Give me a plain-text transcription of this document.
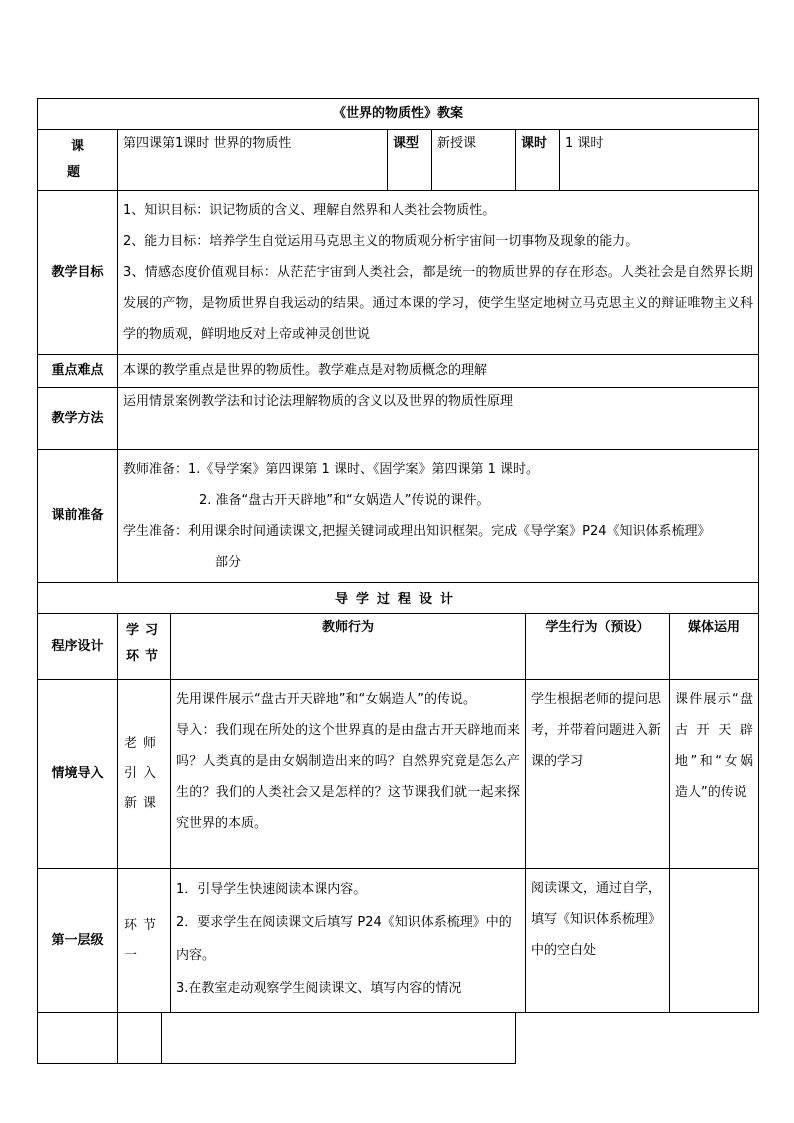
《世界的物质性》教案						

课
题	第四课第1课时 世界的物质性		课型	新授课	课时	1 课时
教学目标	1、知识目标：识记物质的含义、理解自然界和人类社会物质性。

2、能力目标：培养学生自觉运用马克思主义的物质观分析宇宙间一切事物及现象的能力。

3、情感态度价值观目标：从茫茫宇宙到人类社会，都是统一的物质世界的存在形态。人类社会是自然界长期发展的产物，是物质世界自我运动的结果。通过本课的学习，使学生坚定地树立马克思主义的辩证唯物主义科学的物质观，鲜明地反对上帝或神灵创世说					

重点难点	本课的教学重点是世界的物质性。教学难点是对物质概念的理解					
教学方法	运用情景案例教学法和讨论法理解物质的含义以及世界的物质性原理					
课前准备	教师准备：1.《导学案》第四课第 1 课时、《固学案》第四课第 1 课时。

2. 准备“盘古开天辟地”和“女娲造人”传说的课件。

学生准备：利用课余时间通读课文,把握关键词或理出知识框架。完成《导学案》P24《知识体系梳理》

部分					

导学过程设计						

程序设计	学习环节	教师行为	学生行为（预设）	媒体运用
情境导入	老师引入新课	先用课件展示“盘古开天辟地”和“女娲造人”的传说。

导入：我们现在所处的这个世界真的是由盘古开天辟地而来吗？人类真的是由女娲制造出来的吗？自然界究竟是怎么产生的？我们的人类社会又是怎样的？这节课我们就一起来探究世界的本质。	学生根据老师的提问思考，并带着问题进入新课的学习	课件展示“盘古开天辟地”和“女娲造人”的传说
第一层级	环节一	1．引导学生快速阅读本课内容。

2．要求学生在阅读课文后填写 P24《知识体系梳理》中的内容。

3.在教室走动观察学生阅读课文、填写内容的情况	阅读课文，通过自学，填写《知识体系梳理》中的空白处	
